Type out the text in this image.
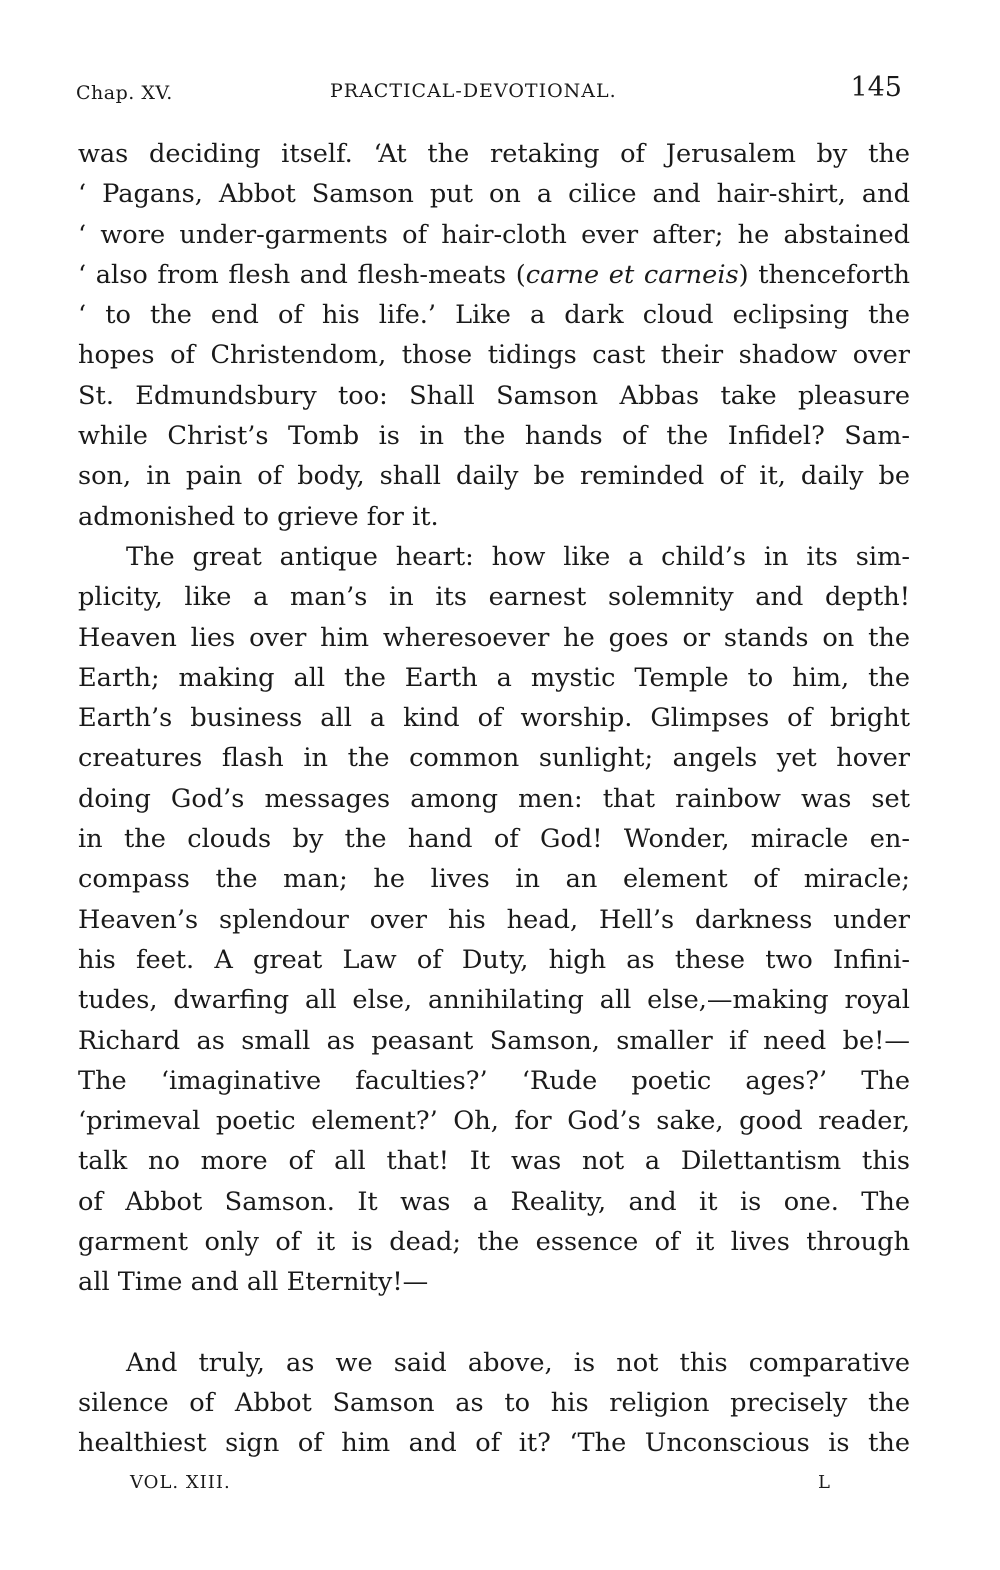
Chap. XV.	PRACTICAL-DEVOTIONAL.	145
was deciding itself. ‘At the retaking of Jerusalem by the
‘ Pagans, Abbot Samson put on a cilice and hair-shirt, and
‘ wore under-garments of hair-cloth ever after; he abstained
‘ also from flesh and flesh-meats (carne et carneis) thenceforth
‘ to the end of his life.’ Like a dark cloud eclipsing the
hopes of Christendom, those tidings cast their shadow over
St. Edmundsbury too: Shall Samson Abbas take pleasure
while Christ’s Tomb is in the hands of the Infidel? Sam-
son, in pain of body, shall daily be reminded of it, daily be
admonished to grieve for it.
The great antique heart: how like a child’s in its sim-
plicity, like a man’s in its earnest solemnity and depth!
Heaven lies over him wheresoever he goes or stands on the
Earth; making all the Earth a mystic Temple to him, the
Earth’s business all a kind of worship. Glimpses of bright
creatures flash in the common sunlight; angels yet hover
doing God’s messages among men: that rainbow was set
in the clouds by the hand of God! Wonder, miracle en-
compass the man; he lives in an element of miracle;
Heaven’s splendour over his head, Hell’s darkness under
his feet. A great Law of Duty, high as these two Infini-
tudes, dwarfing all else, annihilating all else,—making royal
Richard as small as peasant Samson, smaller if need be!—
The ‘imaginative faculties?’ ‘Rude poetic ages?’ The
‘primeval poetic element?’ Oh, for God’s sake, good reader,
talk no more of all that! It was not a Dilettantism this
of Abbot Samson. It was a Reality, and it is one. The
garment only of it is dead; the essence of it lives through
all Time and all Eternity!—
And truly, as we said above, is not this comparative
silence of Abbot Samson as to his religion precisely the
healthiest sign of him and of it? ‘The Unconscious is the
VOL. XIII.	L
